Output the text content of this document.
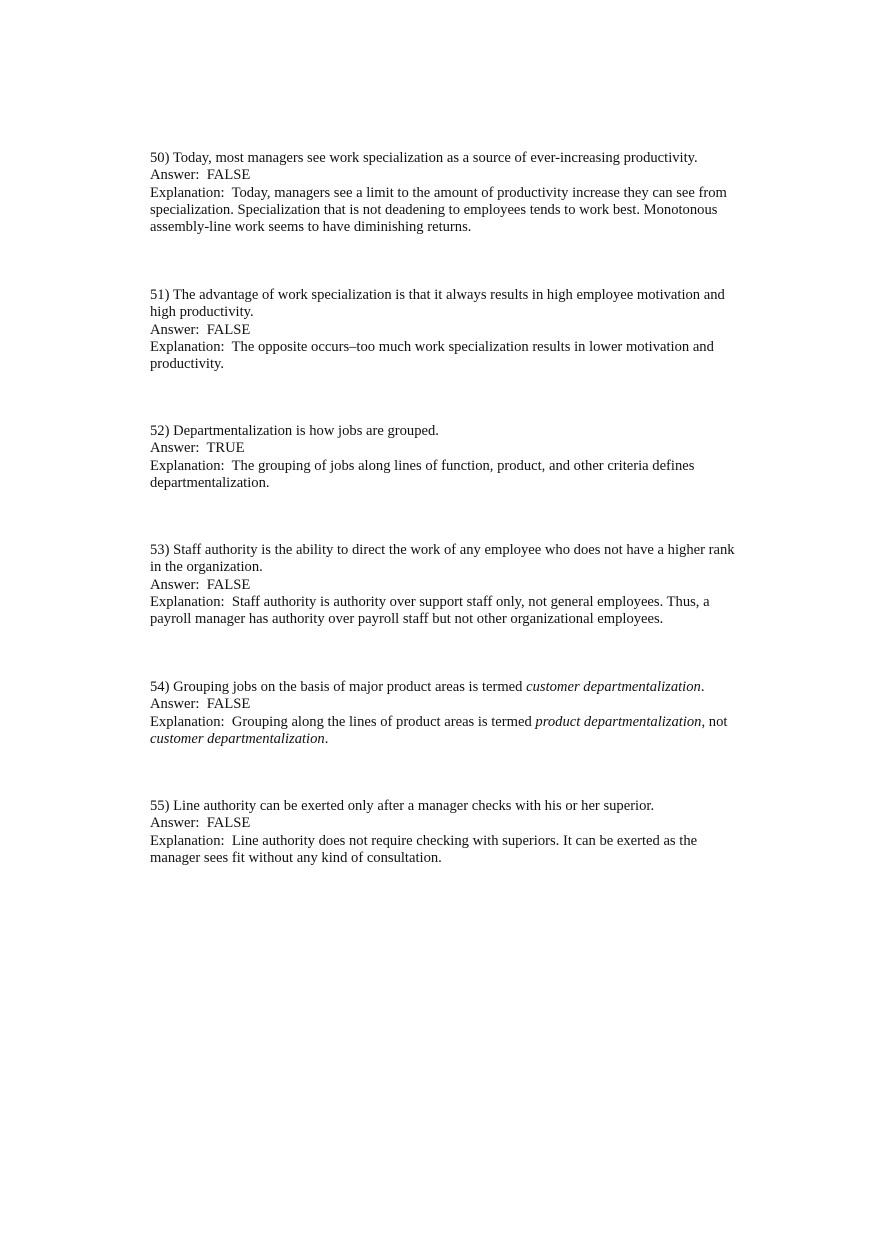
50) Today, most managers see work specialization as a source of ever-increasing productivity.

Answer:  FALSE

Explanation:  Today, managers see a limit to the amount of productivity increase they can see from specialization. Specialization that is not deadening to employees tends to work best. Monotonous assembly-line work seems to have diminishing returns.

51) The advantage of work specialization is that it always results in high employee motivation and high productivity.

Answer:  FALSE

Explanation:  The opposite occurs–too much work specialization results in lower motivation and productivity.

52) Departmentalization is how jobs are grouped.

Answer:  TRUE

Explanation:  The grouping of jobs along lines of function, product, and other criteria defines departmentalization.

53) Staff authority is the ability to direct the work of any employee who does not have a higher rank in the organization.

Answer:  FALSE

Explanation:  Staff authority is authority over support staff only, not general employees. Thus, a payroll manager has authority over payroll staff but not other organizational employees.

54) Grouping jobs on the basis of major product areas is termed customer departmentalization.

Answer:  FALSE

Explanation:  Grouping along the lines of product areas is termed product departmentalization, not customer departmentalization.

55) Line authority can be exerted only after a manager checks with his or her superior.

Answer:  FALSE

Explanation:  Line authority does not require checking with superiors. It can be exerted as the manager sees fit without any kind of consultation.
